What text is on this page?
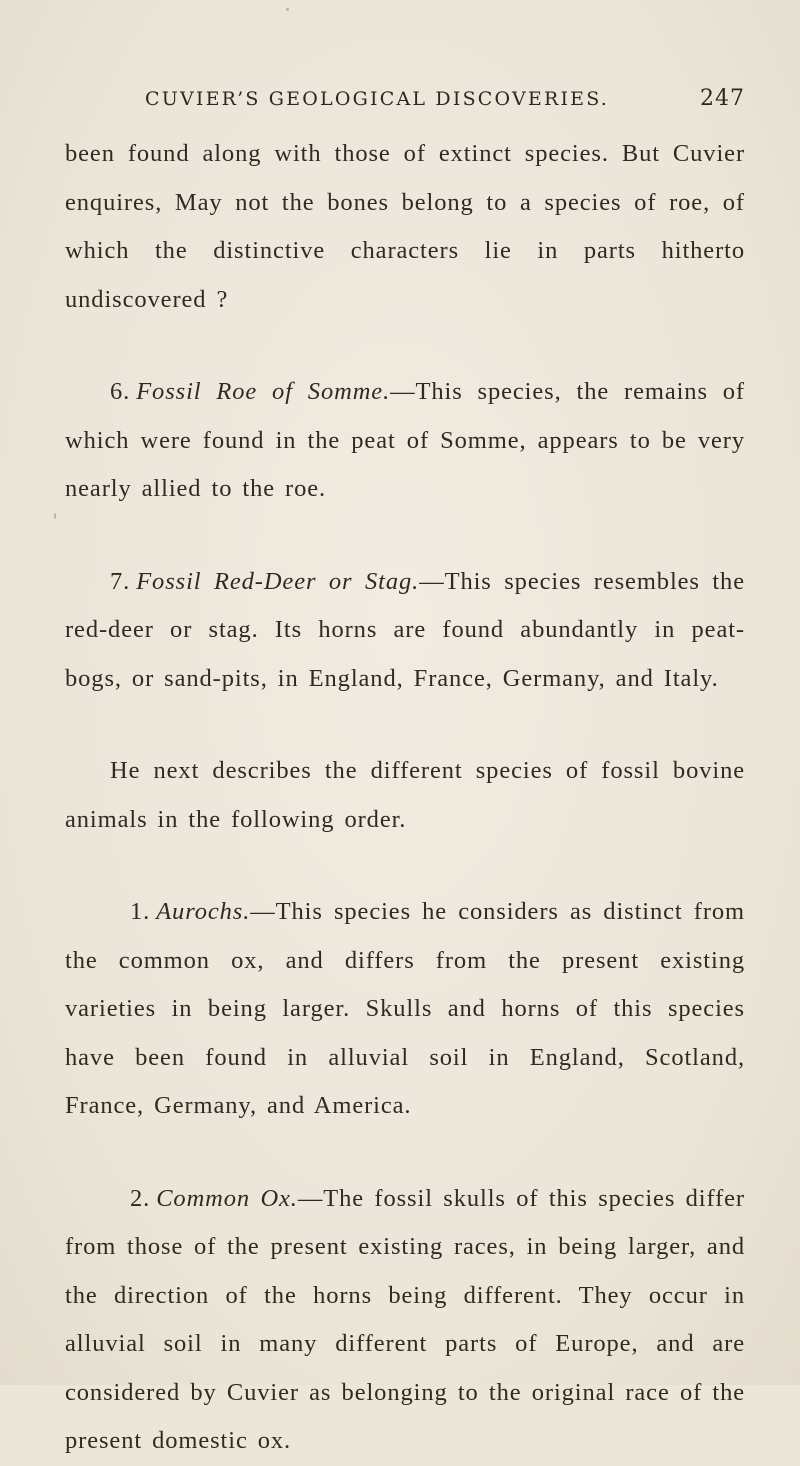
CUVIER’S GEOLOGICAL DISCOVERIES.	247

been found along with those of extinct species. But Cuvier enquires, May not the bones belong to a species of roe, of which the distinctive characters lie in parts hitherto undiscovered ?

6. Fossil Roe of Somme.—This species, the remains of which were found in the peat of Somme, appears to be very nearly allied to the roe.

7. Fossil Red-Deer or Stag.—This species resembles the red-deer or stag. Its horns are found abundantly in peat-bogs, or sand-pits, in England, France, Germany, and Italy.

He next describes the different species of fossil bovine animals in the following order.

1. Aurochs.—This species he considers as distinct from the common ox, and differs from the present existing varieties in being larger. Skulls and horns of this species have been found in alluvial soil in England, Scotland, France, Germany, and America.

2. Common Ox.—The fossil skulls of this species differ from those of the present existing races, in being larger, and the direction of the horns being different. They occur in alluvial soil in many different parts of Europe, and are considered by Cuvier as belonging to the original race of the present domestic ox.
